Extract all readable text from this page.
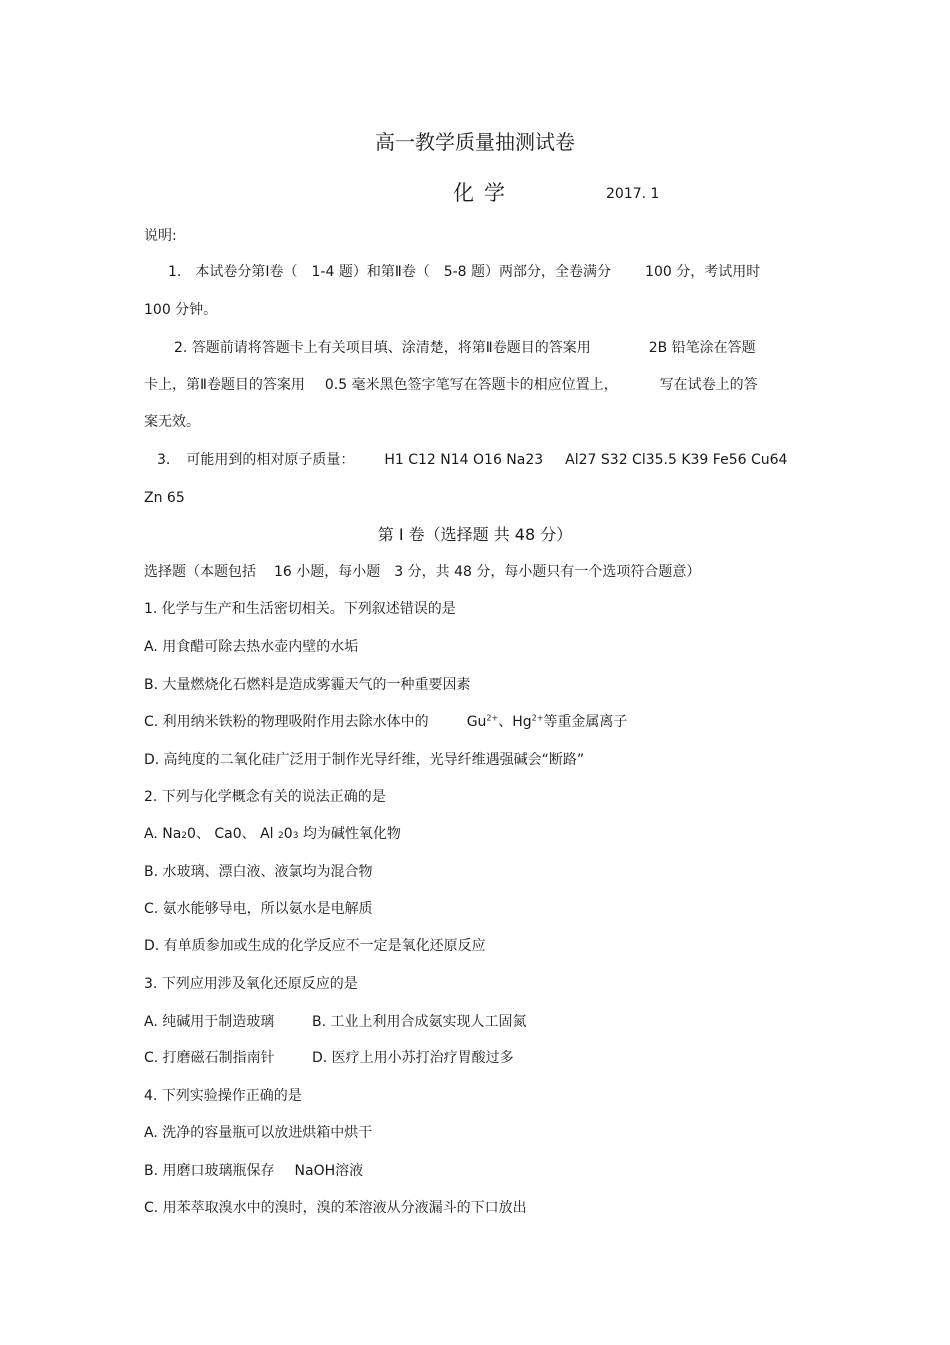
高一教学质量抽测试卷
化学	2017. 1
说明:
1. 本试卷分第Ⅰ卷（ 1-4 题）和第Ⅱ卷（ 5-8 题）两部分，全卷满分 100 分，考试用时
100 分钟。
2. 答题前请将答题卡上有关项目填、涂清楚，将第Ⅱ卷题目的答案用	2B 铅笔涂在答题
卡上，第Ⅱ卷题目的答案用 0.5 毫米黑色签字笔写在答题卡的相应位置上，	写在试卷上的答
案无效。
3. 可能用到的相对原子质量： H1 C12 N14 O16 Na23 Al27 S32 Cl35.5 K39 Fe56 Cu64
Zn 65
第 I 卷（选择题 共 48 分）
选择题（本题包括 16 小题，每小题 3 分，共 48 分，每小题只有一个选项符合题意）
1. 化学与生产和生活密切相关。下列叙述错误的是
A. 用食醋可除去热水壶内壁的水垢
B. 大量燃烧化石燃料是造成雾霾天气的一种重要因素
C. 利用纳米铁粉的物理吸附作用去除水体中的	$Gu^{2+}$、$Hg^{2+}$等重金属离子
D. 高纯度的二氧化硅广泛用于制作光导纤维，光导纤维遇强碱会“断路”
2. 下列与化学概念有关的说法正确的是
A. Na20、 Ca0、 Al 203 均为碱性氧化物
B. 水玻璃、漂白液、液氯均为混合物
C. 氨水能够导电，所以氨水是电解质
D. 有单质参加或生成的化学反应不一定是氧化还原反应
3. 下列应用涉及氧化还原反应的是
A. 纯碱用于制造玻璃	B. 工业上利用合成氨实现人工固氮
C. 打磨磁石制指南针	D. 医疗上用小苏打治疗胃酸过多
4. 下列实验操作正确的是
A. 洗净的容量瓶可以放进烘箱中烘干
B. 用磨口玻璃瓶保存 NaOH溶液
C. 用苯萃取溴水中的溴时，溴的苯溶液从分液漏斗的下口放出
